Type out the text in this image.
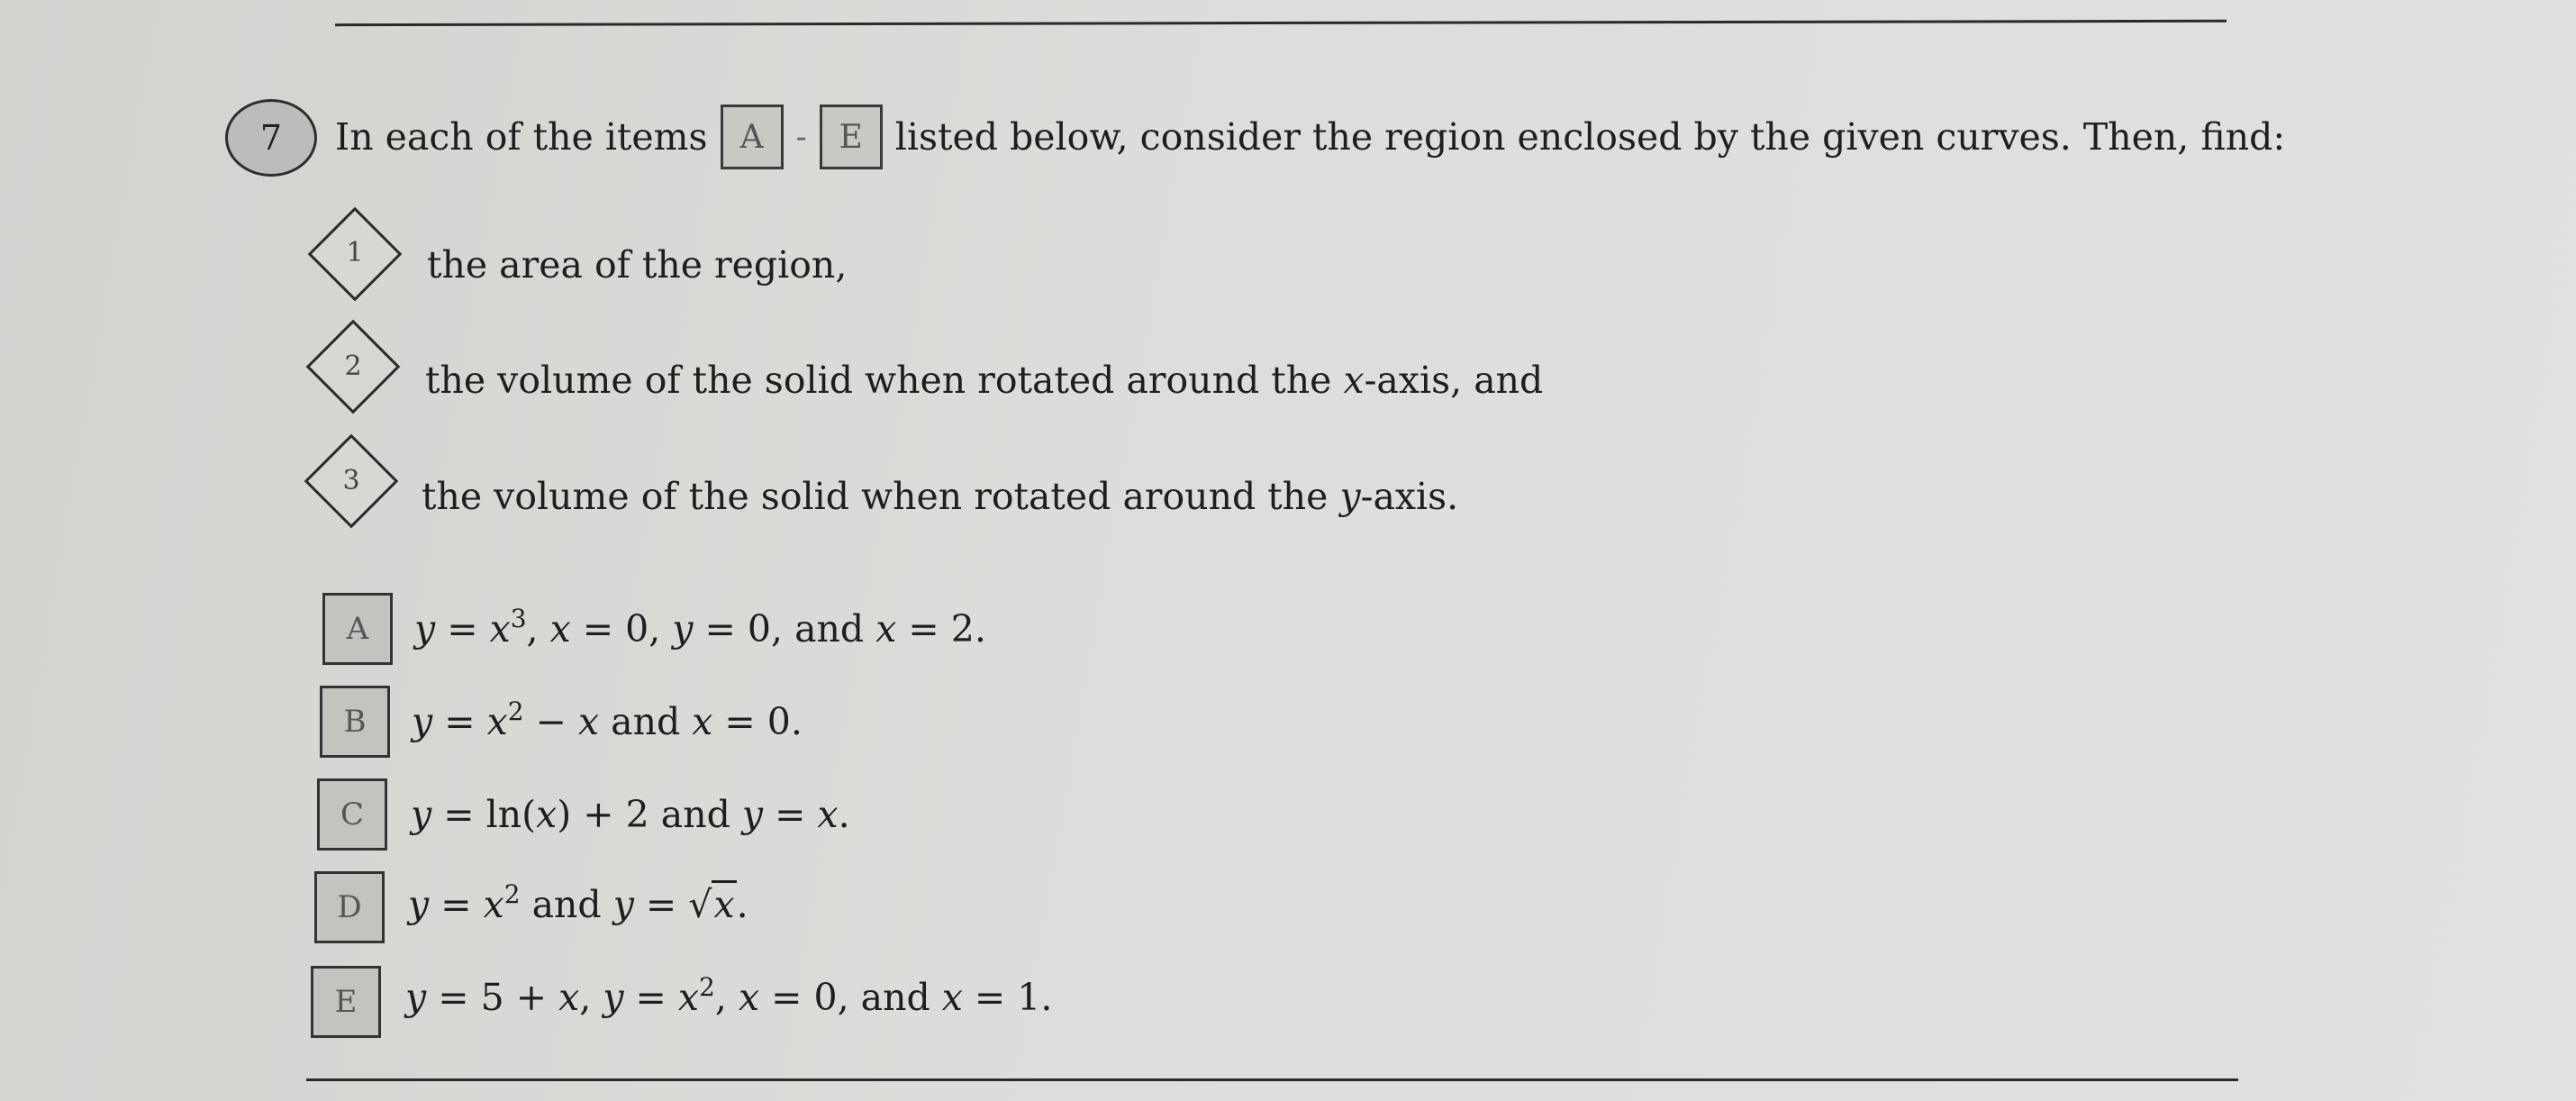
7 In each of the items A - E listed below, consider the region enclosed by the given curves. Then, find:
1	the area of the region,
2	the volume of the solid when rotated around the x-axis, and
3	the volume of the solid when rotated around the y-axis.
A $y = x^3$, x = 0, y = 0, and x = 2.
B $y = x^2 - x$ and x = 0.
C y = ln(x) + 2 and y = x.
D $y = x^2$ and y = √x.
E y = 5 + x, $y = x^2$, x = 0, and x = 1.
